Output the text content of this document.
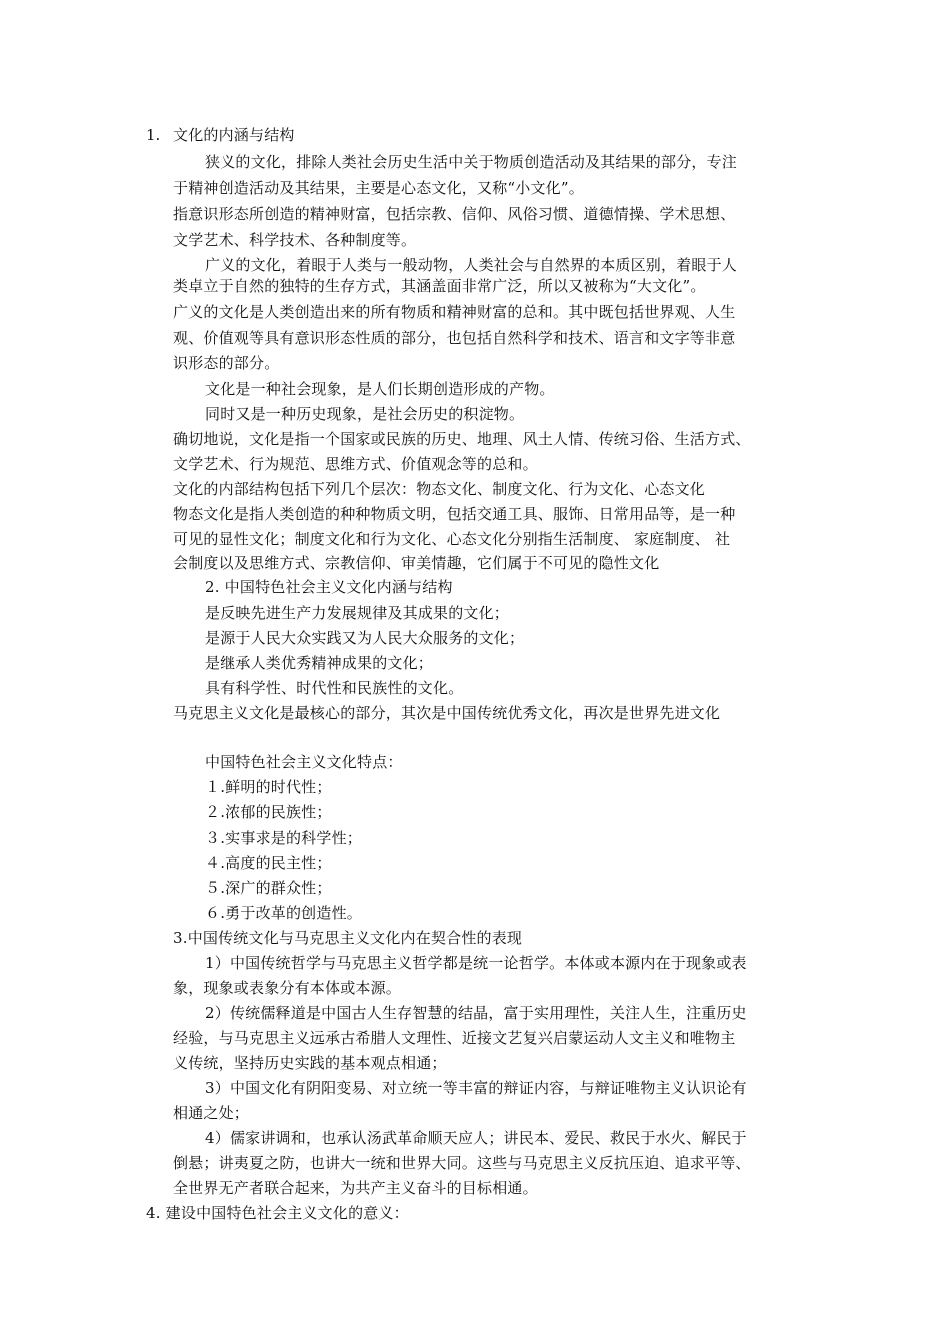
1. 文化的内涵与结构
狭义的文化，排除人类社会历史生活中关于物质创造活动及其结果的部分，专注
于精神创造活动及其结果，主要是心态文化，又称“小文化”。
指意识形态所创造的精神财富，包括宗教、信仰、风俗习惯、道德情操、学术思想、
文学艺术、科学技术、各种制度等。
广义的文化，着眼于人类与一般动物，人类社会与自然界的本质区别，着眼于人
类卓立于自然的独特的生存方式，其涵盖面非常广泛，所以又被称为“大文化”。
广义的文化是人类创造出来的所有物质和精神财富的总和。其中既包括世界观、人生
观、价值观等具有意识形态性质的部分，也包括自然科学和技术、语言和文字等非意
识形态的部分。
文化是一种社会现象，是人们长期创造形成的产物。
同时又是一种历史现象，是社会历史的积淀物。
确切地说，文化是指一个国家或民族的历史、地理、风土人情、传统习俗、生活方式、
文学艺术、行为规范、思维方式、价值观念等的总和。
文化的内部结构包括下列几个层次：物态文化、制度文化、行为文化、心态文化
物态文化是指人类创造的种种物质文明，包括交通工具、服饰、日常用品等，是一种
可见的显性文化；制度文化和行为文化、心态文化分别指生活制度、 家庭制度、 社
会制度以及思维方式、宗教信仰、审美情趣，它们属于不可见的隐性文化
2. 中国特色社会主义文化内涵与结构
是反映先进生产力发展规律及其成果的文化；
是源于人民大众实践又为人民大众服务的文化；
是继承人类优秀精神成果的文化；
具有科学性、时代性和民族性的文化。
马克思主义文化是最核心的部分，其次是中国传统优秀文化，再次是世界先进文化
中国特色社会主义文化特点：
１.鲜明的时代性；
２.浓郁的民族性；
３.实事求是的科学性；
４.高度的民主性；
５.深广的群众性；
６.勇于改革的创造性。
3.中国传统文化与马克思主义文化内在契合性的表现
1）中国传统哲学与马克思主义哲学都是统一论哲学。本体或本源内在于现象或表
象，现象或表象分有本体或本源。
2）传统儒释道是中国古人生存智慧的结晶，富于实用理性，关注人生，注重历史
经验，与马克思主义远承古希腊人文理性、近接文艺复兴启蒙运动人文主义和唯物主
义传统，坚持历史实践的基本观点相通；
3）中国文化有阴阳变易、对立统一等丰富的辩证内容，与辩证唯物主义认识论有
相通之处；
4）儒家讲调和，也承认汤武革命顺天应人；讲民本、爱民、救民于水火、解民于
倒悬；讲夷夏之防，也讲大一统和世界大同。这些与马克思主义反抗压迫、追求平等、
全世界无产者联合起来，为共产主义奋斗的目标相通。
4. 建设中国特色社会主义文化的意义：
